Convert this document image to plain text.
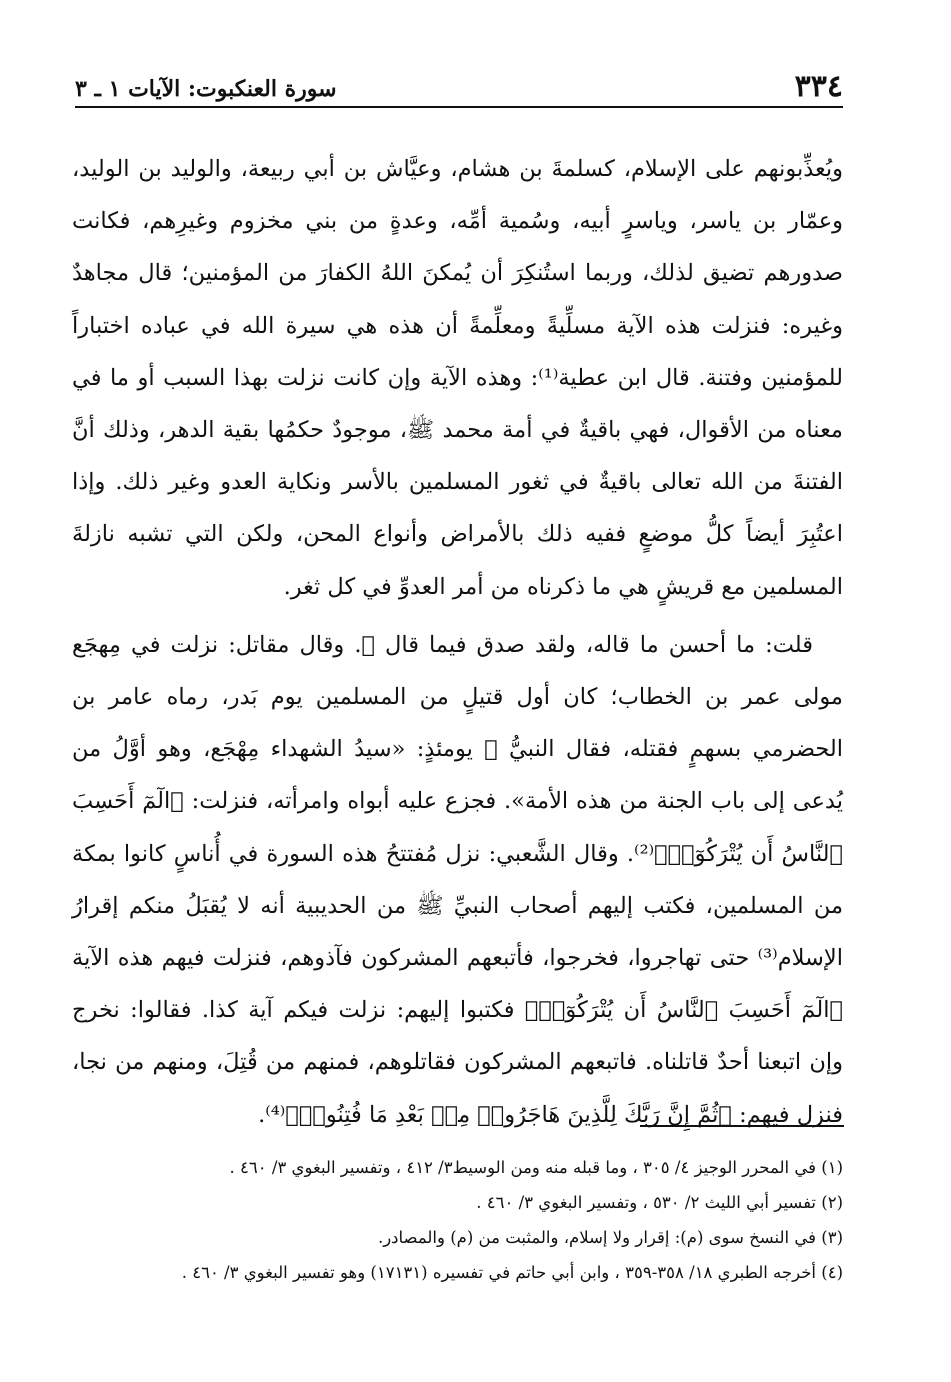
٣٣٤
سورة العنكبوت: الآيات ١ ـ ٣

ويُعذِّبونهم على الإسلام، كسلمةَ بن هشام، وعيَّاش بن أبي ربيعة، والوليد بن الوليد، وعمّار بن ياسر، وياسرٍ أبيه، وسُمية أمِّه، وعدةٍ من بني مخزوم وغيرِهم، فكانت صدورهم تضيق لذلك، وربما استُنكِرَ أن يُمكنَ اللهُ الكفارَ من المؤمنين؛ قال مجاهدٌ وغيره: فنزلت هذه الآية مسلِّيةً ومعلِّمةً أن هذه هي سيرة الله في عباده اختباراً للمؤمنين وفتنة. قال ابن عطية⁽¹⁾: وهذه الآية وإن كانت نزلت بهذا السبب أو ما في معناه من الأقوال، فهي باقيةٌ في أمة محمد ﷺ، موجودٌ حكمُها بقية الدهر، وذلك أنَّ الفتنةَ من الله تعالى باقيةٌ في ثغور المسلمين بالأسر ونكاية العدو وغير ذلك. وإذا اعتُبِرَ أيضاً كلُّ موضعٍ ففيه ذلك بالأمراض وأنواع المحن، ولكن التي تشبه نازلةَ المسلمين مع قريشٍ هي ما ذكرناه من أمر العدوِّ في كل ثغر.

قلت: ما أحسن ما قاله، ولقد صدق فيما قال ﷺ. وقال مقاتل: نزلت في مِهجَع مولى عمر بن الخطاب؛ كان أول قتيلٍ من المسلمين يوم بَدر، رماه عامر بن الحضرمي بسهمٍ فقتله، فقال النبيُّ ﷺ يومئذٍ: «سيدُ الشهداء مِهْجَع، وهو أوَّلُ من يُدعى إلى باب الجنة من هذه الأمة». فجزع عليه أبواه وامرأته، فنزلت: ﴿الٓمٓ أَحَسِبَ ٱلنَّاسُ أَن يُتْرَكُوٓا۟﴾⁽²⁾. وقال الشَّعبي: نزل مُفتتحُ هذه السورة في أُناسٍ كانوا بمكة من المسلمين، فكتب إليهم أصحاب النبيِّ ﷺ من الحديبية أنه لا يُقبَلُ منكم إقرارُ الإسلام⁽³⁾ حتى تهاجروا، فخرجوا، فأتبعهم المشركون فآذوهم، فنزلت فيهم هذه الآية ﴿الٓمٓ أَحَسِبَ ٱلنَّاسُ أَن يُتْرَكُوٓا۟﴾ فكتبوا إليهم: نزلت فيكم آية كذا. فقالوا: نخرج وإن اتبعنا أحدٌ قاتلناه. فاتبعهم المشركون فقاتلوهم، فمنهم من قُتِلَ، ومنهم من نجا، فنزل فيهم: ﴿ثُمَّ إِنَّ رَبَّكَ لِلَّذِينَ هَاجَرُوا۟ مِنۢ بَعْدِ مَا فُتِنُوا۟﴾⁽⁴⁾.

(١) في المحرر الوجيز ٤/ ٣٠٥ ، وما قبله منه ومن الوسيط٣/ ٤١٢ ، وتفسير البغوي ٣/ ٤٦٠ .

(٢) تفسير أبي الليث ٢/ ٥٣٠ ، وتفسير البغوي ٣/ ٤٦٠ .

(٣) في النسخ سوى (م): إقرار ولا إسلام، والمثبت من (م) والمصادر.

(٤) أخرجه الطبري ١٨/ ٣٥٨-٣٥٩ ، وابن أبي حاتم في تفسيره (١٧١٣١) وهو تفسير البغوي ٣/ ٤٦٠ .
